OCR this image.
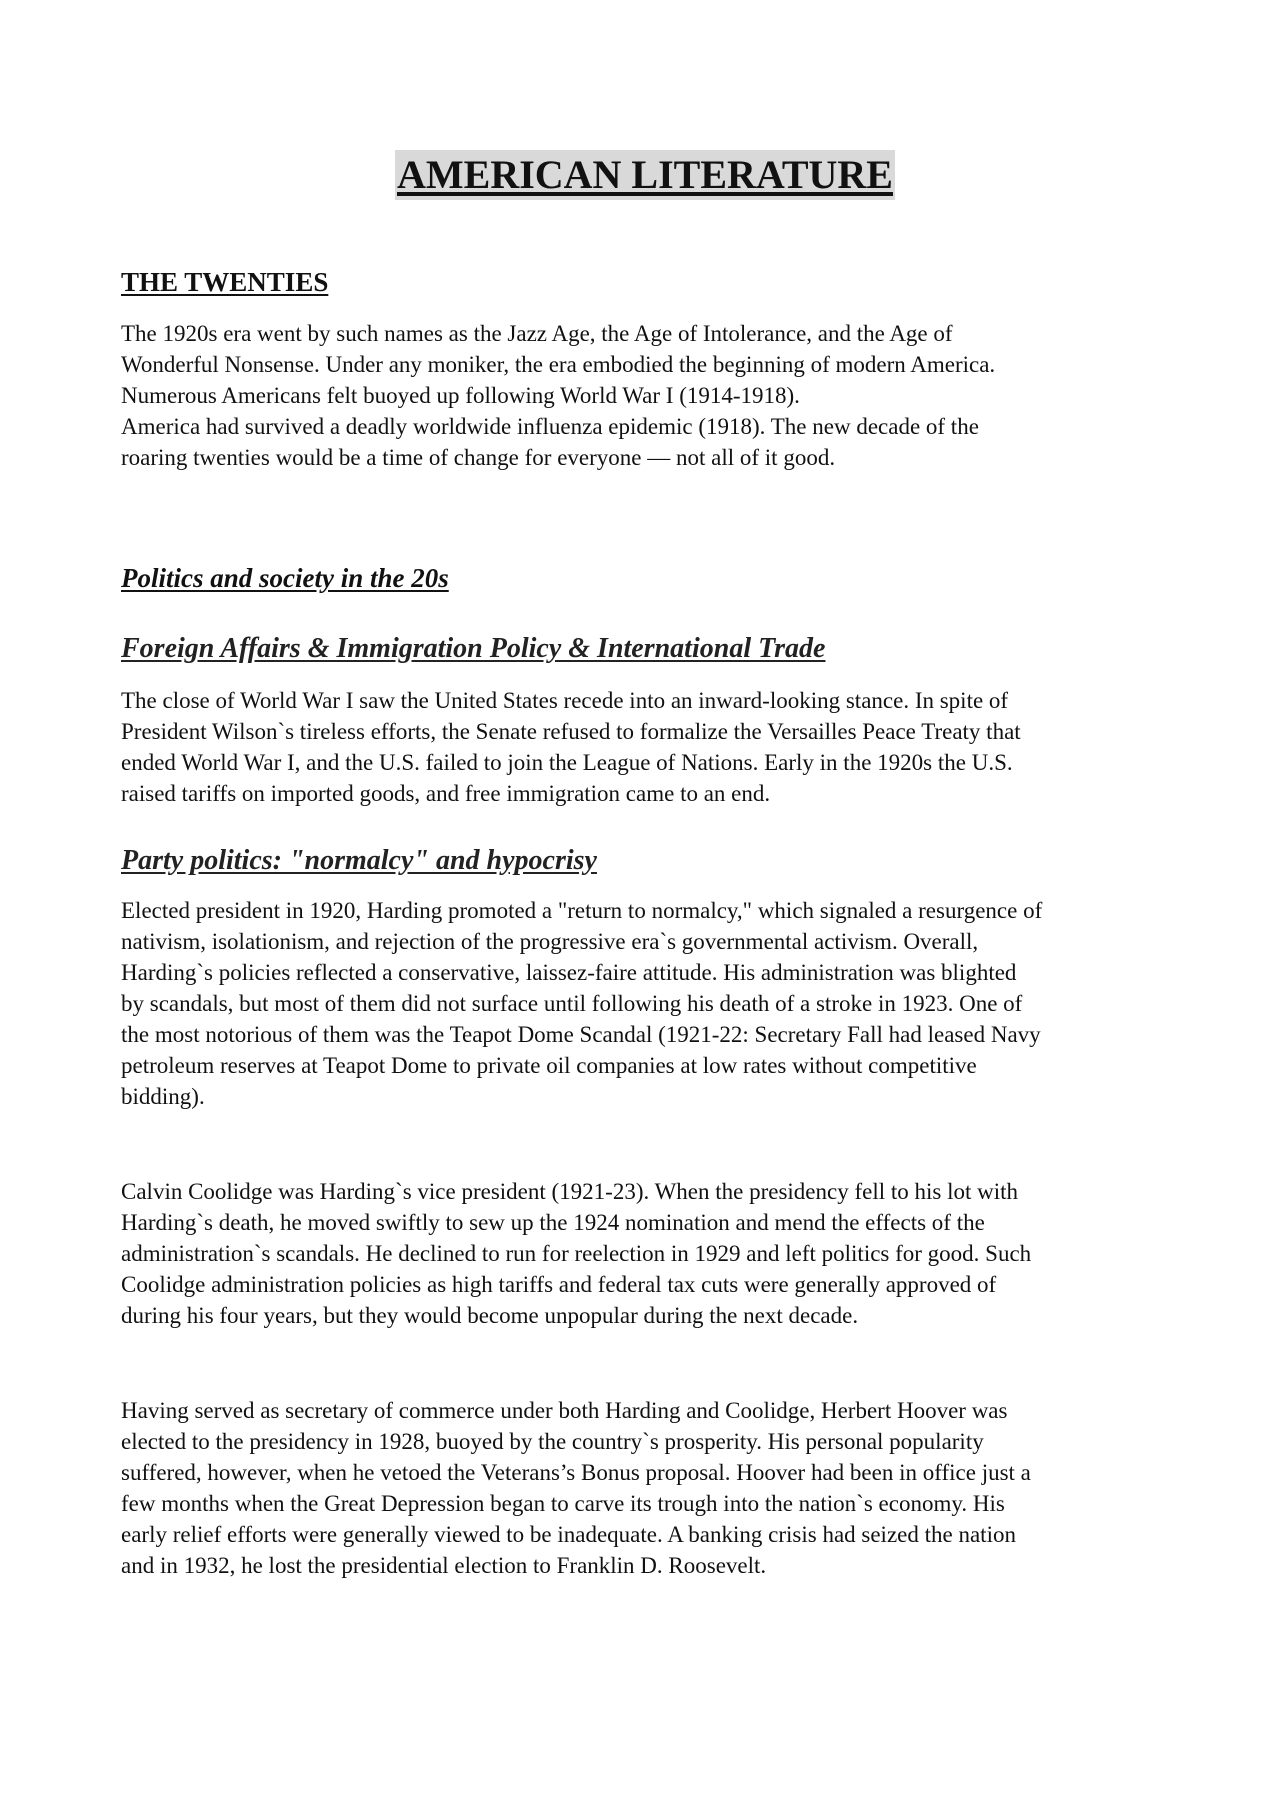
AMERICAN LITERATURE
THE TWENTIES

The 1920s era went by such names as the Jazz Age, the Age of Intolerance, and the Age of
Wonderful Nonsense. Under any moniker, the era embodied the beginning of modern America.
Numerous Americans felt buoyed up following World War I (1914-1918).
America had survived a deadly worldwide influenza epidemic (1918). The new decade of the
roaring twenties would be a time of change for everyone — not all of it good.

Politics and society in the 20s
Foreign Affairs & Immigration Policy & International Trade

The close of World War I saw the United States recede into an inward-looking stance. In spite of
President Wilson`s tireless efforts, the Senate refused to formalize the Versailles Peace Treaty that
ended World War I, and the U.S. failed to join the League of Nations. Early in the 1920s the U.S.
raised tariffs on imported goods, and free immigration came to an end.

Party politics: "normalcy" and hypocrisy

Elected president in 1920, Harding promoted a "return to normalcy," which signaled a resurgence of
nativism, isolationism, and rejection of the progressive era`s governmental activism. Overall,
Harding`s policies reflected a conservative, laissez-faire attitude. His administration was blighted
by scandals, but most of them did not surface until following his death of a stroke in 1923. One of
the most notorious of them was the Teapot Dome Scandal (1921-22: Secretary Fall had leased Navy
petroleum reserves at Teapot Dome to private oil companies at low rates without competitive
bidding).

Calvin Coolidge was Harding`s vice president (1921-23). When the presidency fell to his lot with
Harding`s death, he moved swiftly to sew up the 1924 nomination and mend the effects of the
administration`s scandals. He declined to run for reelection in 1929 and left politics for good. Such
Coolidge administration policies as high tariffs and federal tax cuts were generally approved of
during his four years, but they would become unpopular during the next decade.

Having served as secretary of commerce under both Harding and Coolidge, Herbert Hoover was
elected to the presidency in 1928, buoyed by the country`s prosperity. His personal popularity
suffered, however, when he vetoed the Veterans’s Bonus proposal. Hoover had been in office just a
few months when the Great Depression began to carve its trough into the nation`s economy. His
early relief efforts were generally viewed to be inadequate. A banking crisis had seized the nation
and in 1932, he lost the presidential election to Franklin D. Roosevelt.
